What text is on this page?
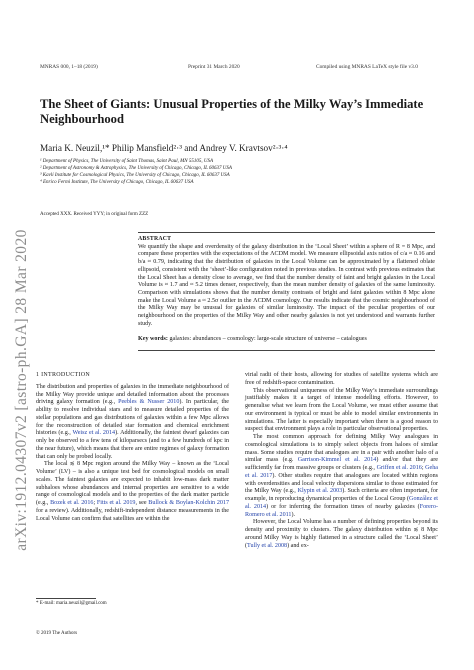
MNRAS 000, 1–18 (2019)	Preprint 31 March 2020	Compiled using MNRAS LaTeX style file v3.0
arXiv:1912.04307v2 [astro-ph.GA] 28 Mar 2020
The Sheet of Giants: Unusual Properties of the Milky Way’s Immediate Neighbourhood
Maria K. Neuzil,¹* Philip Mansfield²·³ and Andrey V. Kravtsov²·³·⁴
¹ Department of Physics, The University of Saint Thomas, Saint Paul, MN 55105, USA
² Department of Astronomy & Astrophysics, The University of Chicago, Chicago, IL 60637 USA
³ Kavli Institute for Cosmological Physics, The University of Chicago, Chicago, IL 60637 USA
⁴ Enrico Fermi Institute, The University of Chicago, Chicago, IL 60637 USA
Accepted XXX. Received YYY; in original form ZZZ
ABSTRACT
We quantify the shape and overdensity of the galaxy distribution in the ‘Local Sheet’ within a sphere of R = 8 Mpc, and compare these properties with the expectations of the ΛCDM model. We measure ellipsoidal axis ratios of c/a ≈ 0.16 and b/a ≈ 0.79, indicating that the distribution of galaxies in the Local Volume can be approximated by a flattened oblate ellipsoid, consistent with the ‘sheet’-like configuration noted in previous studies. In contrast with previous estimates that the Local Sheet has a density close to average, we find that the number density of faint and bright galaxies in the Local Volume is ≈ 1.7 and ≈ 5.2 times denser, respectively, than the mean number density of galaxies of the same luminosity. Comparison with simulations shows that the number density contrasts of bright and faint galaxies within 8 Mpc alone make the Local Volume a ≈ 2.5σ outlier in the ΛCDM cosmology. Our results indicate that the cosmic neighbourhood of the Milky Way may be unusual for galaxies of similar luminosity. The impact of the peculiar properties of our neighbourhood on the properties of the Milky Way and other nearby galaxies is not yet understood and warrants further study.
Key words: galaxies: abundances – cosmology: large-scale structure of universe – catalogues
1 INTRODUCTION

The distribution and properties of galaxies in the immediate neighbourhood of the Milky Way provide unique and detailed information about the processes driving galaxy formation (e.g., Peebles & Nusser 2010). In particular, the ability to resolve individual stars and to measure detailed properties of the stellar populations and gas distributions of galaxies within a few Mpc allows for the reconstruction of detailed star formation and chemical enrichment histories (e.g., Weisz et al. 2014). Additionally, the faintest dwarf galaxies can only be observed to a few tens of kiloparsecs (and to a few hundreds of kpc in the near future), which means that there are entire regimes of galaxy formation that can only be probed locally.

The local ≲ 8 Mpc region around the Milky Way – known as the ‘Local Volume’ (LV) – is also a unique test bed for cosmological models on small scales. The faintest galaxies are expected to inhabit low-mass dark matter subhaloes whose abundances and internal properties are sensitive to a wide range of cosmological models and to the properties of the dark matter particle (e.g., Bozek et al. 2016; Fitts et al. 2019, see Bullock & Boylan-Kolchin 2017 for a review). Additionally, redshift-independent distance measurements in the Local Volume can confirm that satellites are within the

virial radii of their hosts, allowing for studies of satellite systems which are free of redshift-space contamination.

This observational uniqueness of the Milky Way’s immediate surroundings justifiably makes it a target of intense modelling efforts. However, to generalise what we learn from the Local Volume, we must either assume that our environment is typical or must be able to model similar environments in simulations. The latter is especially important when there is a good reason to suspect that environment plays a role in particular observational properties.

The most common approach for defining Milky Way analogues in cosmological simulations is to simply select objects from haloes of similar mass. Some studies require that analogues are in a pair with another halo of a similar mass (e.g. Garrison-Kimmel et al. 2014) and/or that they are sufficiently far from massive groups or clusters (e.g., Griffen et al. 2016; Geha et al. 2017). Other studies require that analogues are located within regions with overdensities and local velocity dispersions similar to those estimated for the Milky Way (e.g., Klypin et al. 2003). Such criteria are often important, for example, in reproducing dynamical properties of the Local Group (González et al. 2014) or for inferring the formation times of nearby galaxies (Forero-Romero et al. 2011).

However, the Local Volume has a number of defining properties beyond its density and proximity to clusters. The galaxy distribution within ≲ 8 Mpc around Milky Way is highly flattened in a structure called the ‘Local Sheet’ (Tully et al. 2008) and ex-

* E-mail: maria.neuzil@gmail.com
© 2019 The Authors
